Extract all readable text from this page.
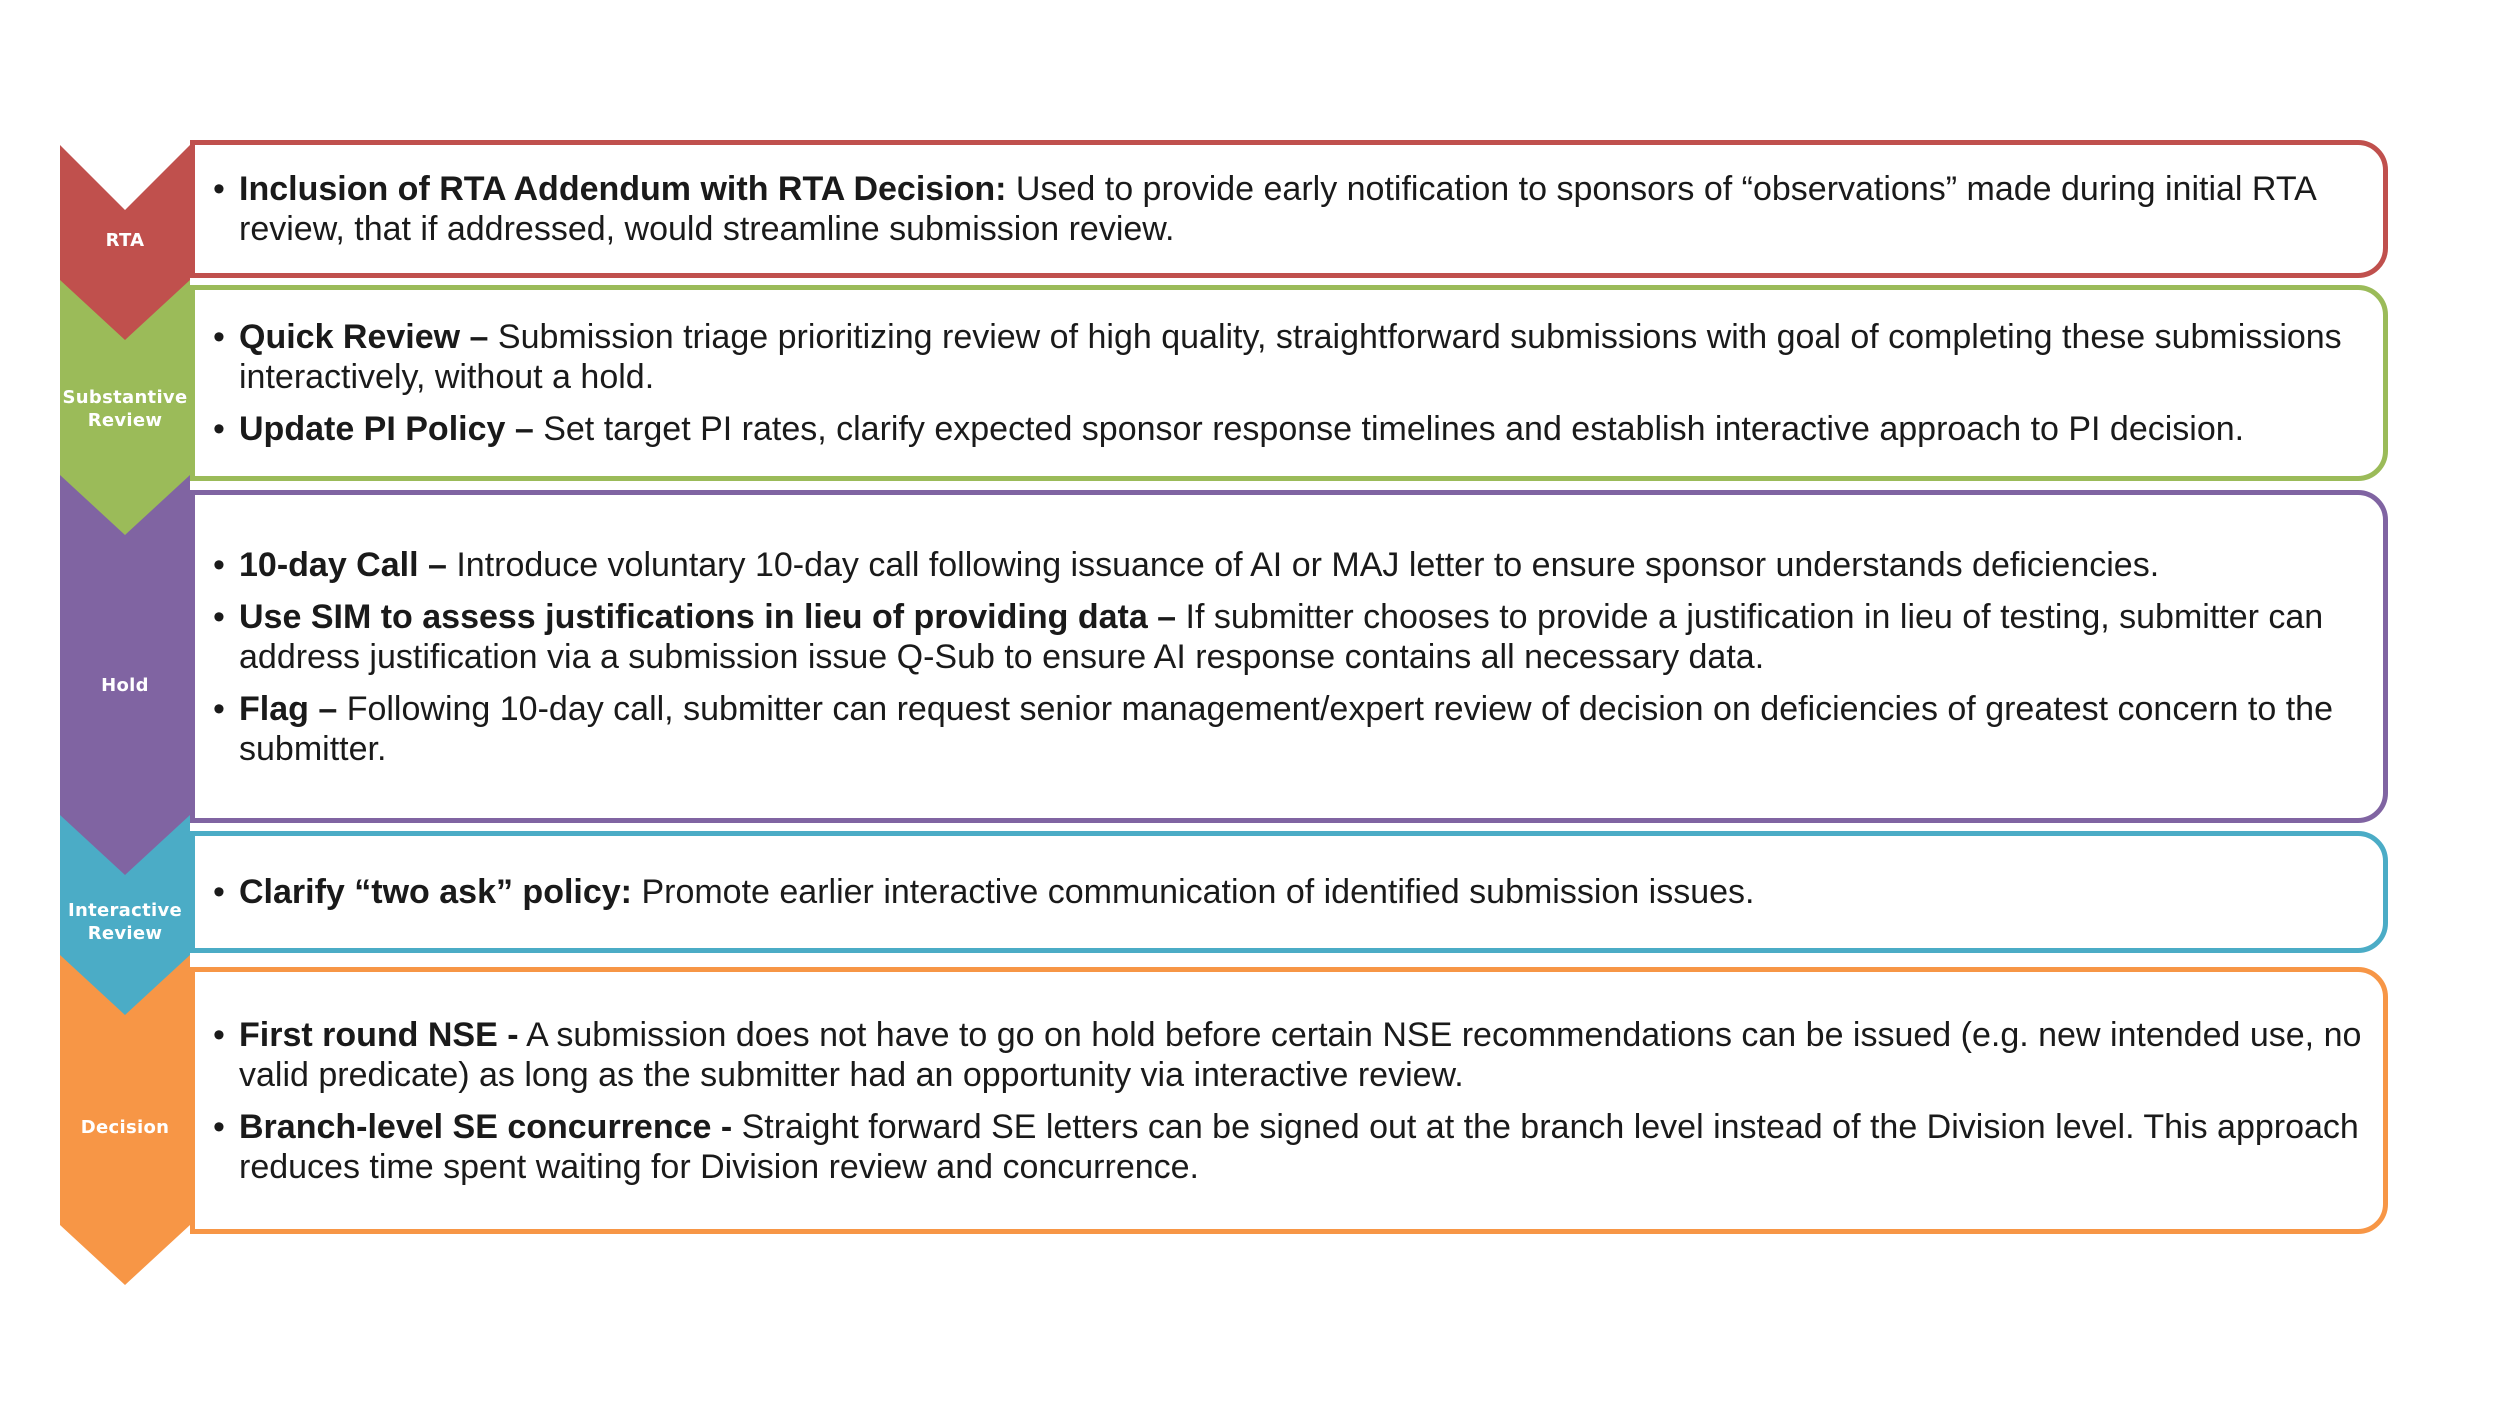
RTA
Substantive
Review
Hold
Interactive
Review
Decision
• Inclusion of RTA Addendum with RTA Decision: Used to provide early notification to sponsors of “observations” made during initial RTA review, that if addressed, would streamline submission review.
• Quick Review – Submission triage prioritizing review of high quality, straightforward submissions with goal of completing these submissions interactively, without a hold.
• Update PI Policy – Set target PI rates, clarify expected sponsor response timelines and establish interactive approach to PI decision.
• 10-day Call – Introduce voluntary 10-day call following issuance of AI or MAJ letter to ensure sponsor understands deficiencies.
• Use SIM to assess justifications in lieu of providing data – If submitter chooses to provide a justification in lieu of testing, submitter can address justification via a submission issue Q-Sub to ensure AI response contains all necessary data.
• Flag – Following 10-day call, submitter can request senior management/expert review of decision on deficiencies of greatest concern to the submitter.
• Clarify “two ask” policy: Promote earlier interactive communication of identified submission issues.
• First round NSE - A submission does not have to go on hold before certain NSE recommendations can be issued (e.g. new intended use, no valid predicate) as long as the submitter had an opportunity via interactive review.
• Branch-level SE concurrence - Straight forward SE letters can be signed out at the branch level instead of the Division level. This approach reduces time spent waiting for Division review and concurrence.
